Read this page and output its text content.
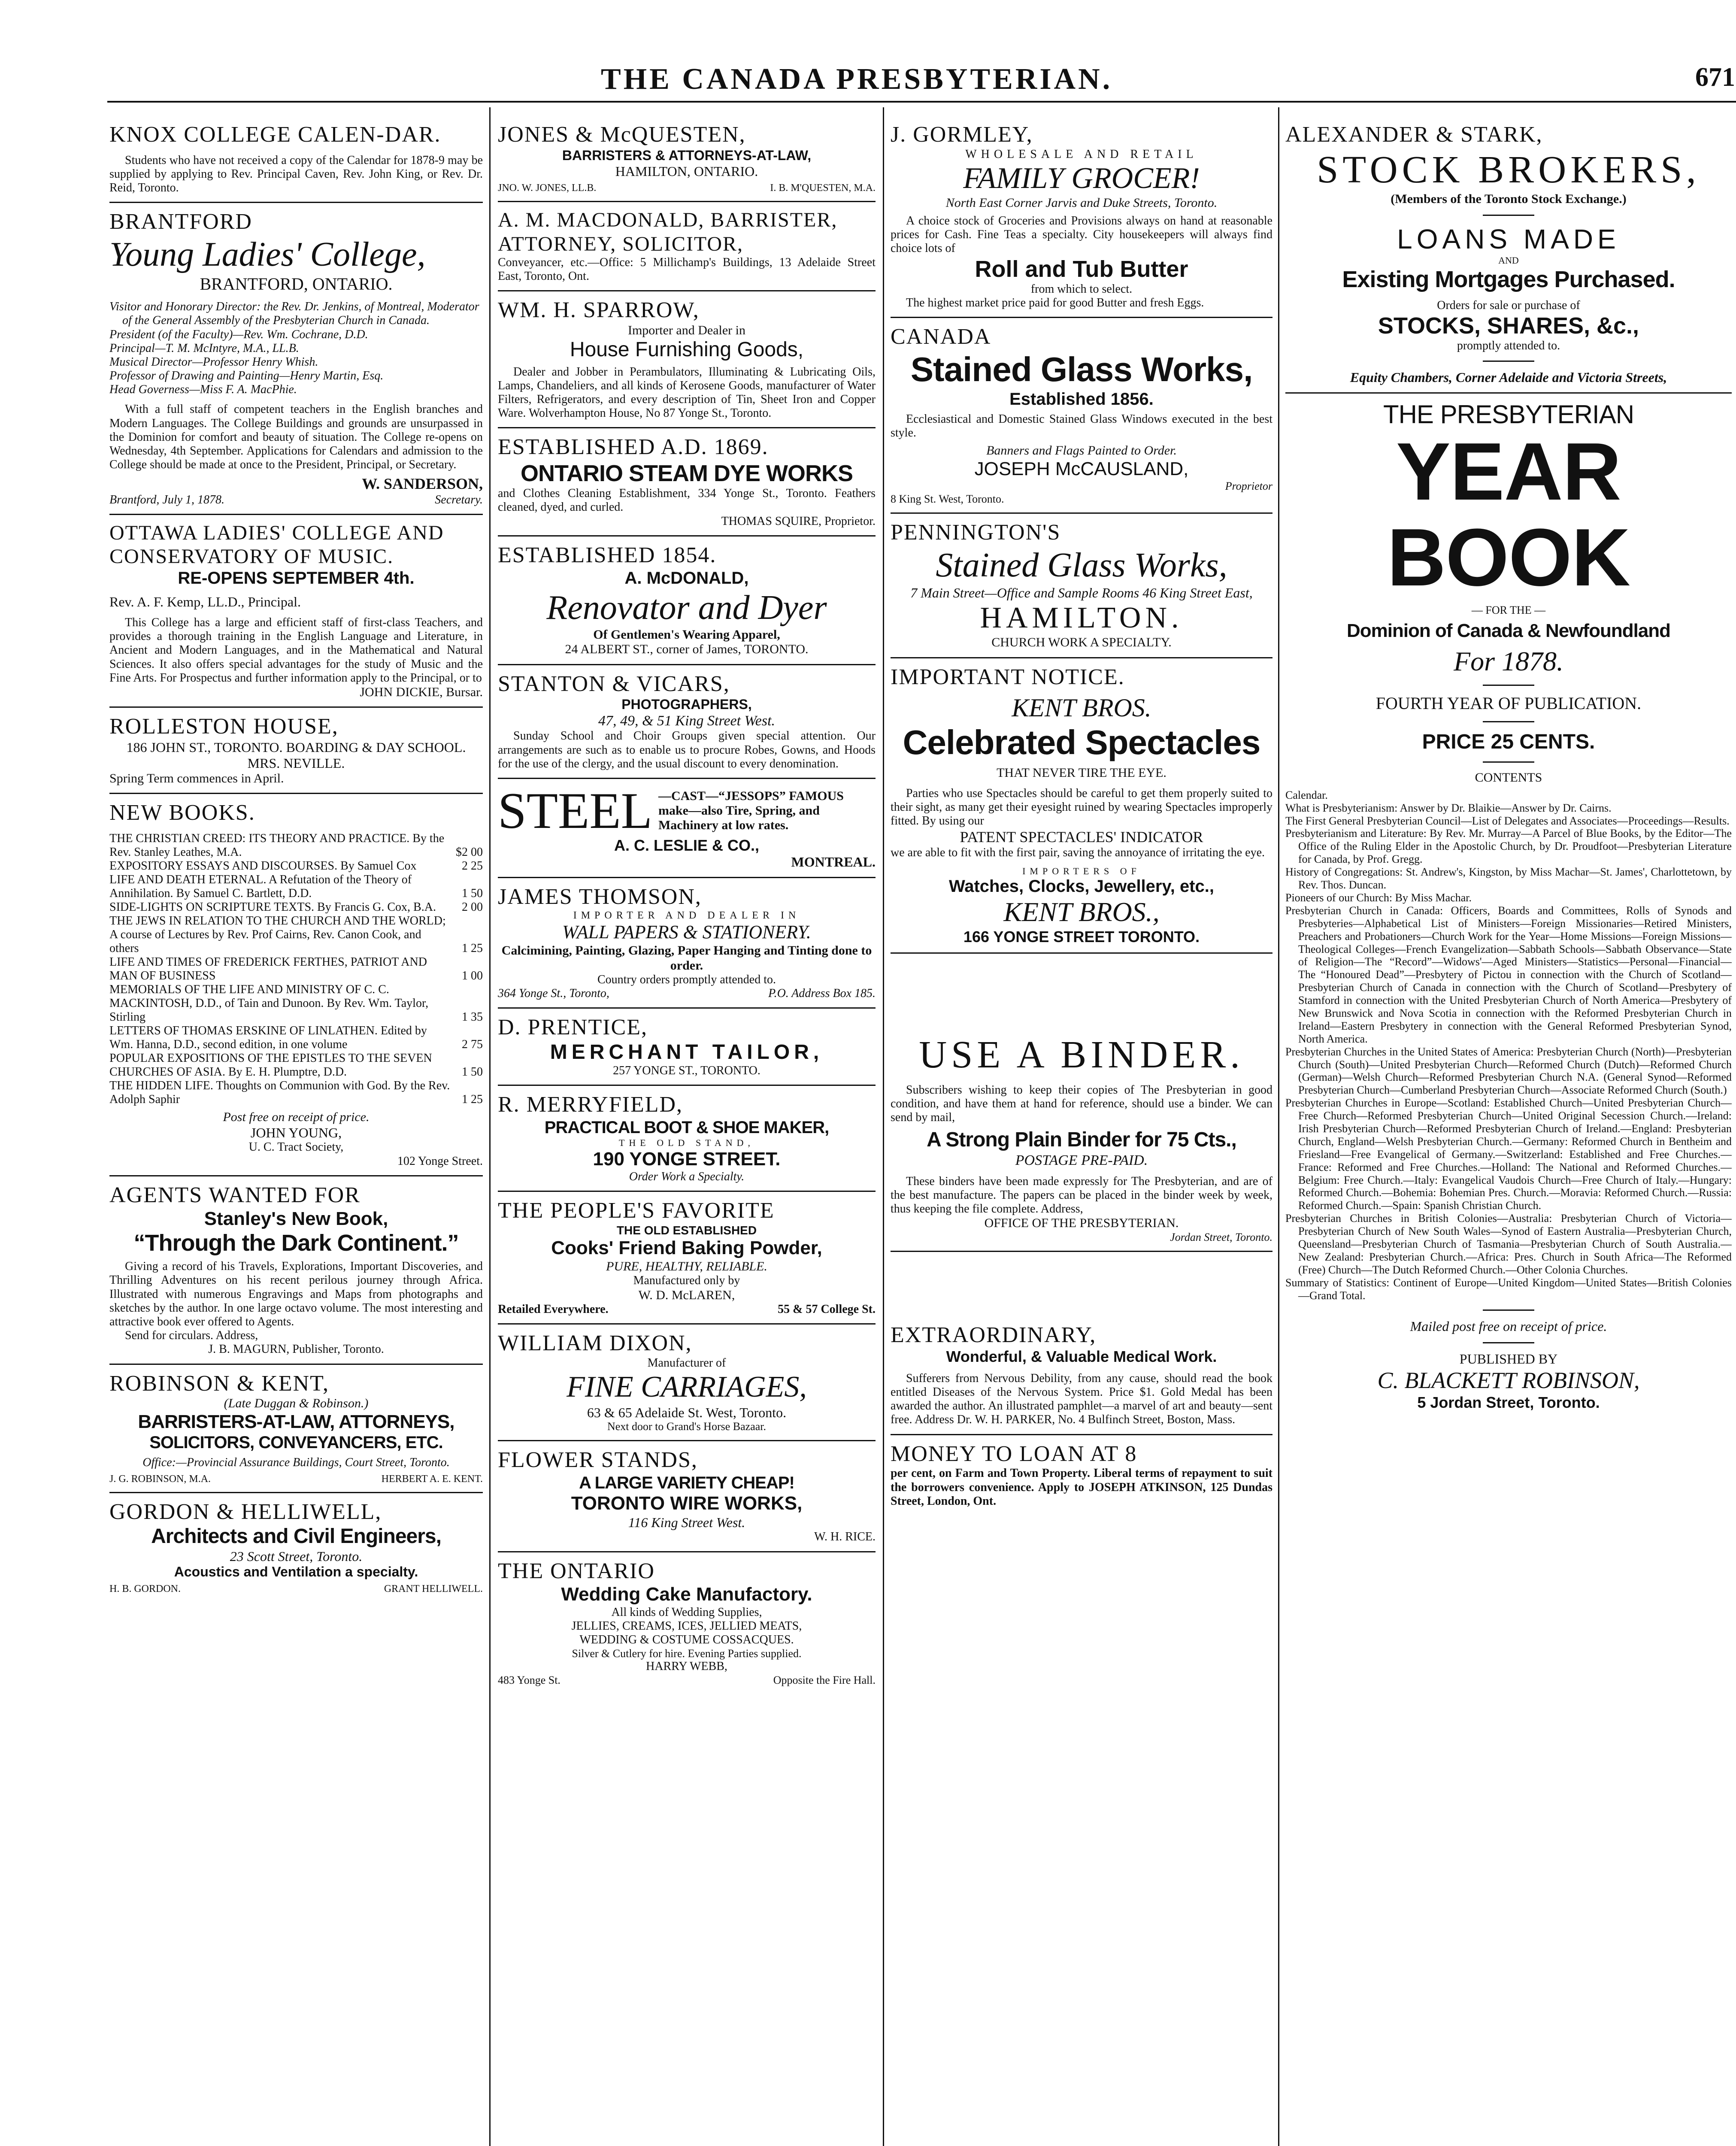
THE CANADA PRESBYTERIAN.	671

KNOX COLLEGE CALEN-DAR.

Students who have not received a copy of the Calendar for 1878-9 may be supplied by applying to Rev. Principal Caven, Rev. John King, or Rev. Dr. Reid, Toronto.

BRANTFORD

Young Ladies' College,

BRANTFORD, ONTARIO.

Visitor and Honorary Director: the Rev. Dr. Jenkins, of Montreal, Moderator of the General Assembly of the Presbyterian Church in Canada.

President (of the Faculty)—Rev. Wm. Cochrane, D.D.

Principal—T. M. McIntyre, M.A., LL.B.

Musical Director—Professor Henry Whish.

Professor of Drawing and Painting—Henry Martin, Esq.

Head Governess—Miss F. A. MacPhie.

With a full staff of competent teachers in the English branches and Modern Languages. The College Buildings and grounds are unsurpassed in the Dominion for comfort and beauty of situation. The College re-opens on Wednesday, 4th September. Applications for Calendars and admission to the College should be made at once to the President, Principal, or Secretary.

W. SANDERSON,

Brantford, July 1, 1878.	Secretary.

OTTAWA LADIES' COLLEGE AND CONSERVATORY OF MUSIC.

RE-OPENS SEPTEMBER 4th.

Rev. A. F. Kemp, LL.D., Principal.

This College has a large and efficient staff of first-class Teachers, and provides a thorough training in the English Language and Literature, in Ancient and Modern Languages, and in the Mathematical and Natural Sciences. It also offers special advantages for the study of Music and the Fine Arts. For Prospectus and further information apply to the Principal, or to

JOHN DICKIE, Bursar.

ROLLESTON HOUSE,

186 JOHN ST., TORONTO. BOARDING & DAY SCHOOL. MRS. NEVILLE.

Spring Term commences in April.

NEW BOOKS.

THE CHRISTIAN CREED: ITS THEORY AND PRACTICE. By the Rev. Stanley Leathes, M.A.	$2 00
EXPOSITORY ESSAYS AND DISCOURSES. By Samuel Cox	2 25
LIFE AND DEATH ETERNAL. A Refutation of the Theory of Annihilation. By Samuel C. Bartlett, D.D.	1 50
SIDE-LIGHTS ON SCRIPTURE TEXTS. By Francis G. Cox, B.A.	2 00
THE JEWS IN RELATION TO THE CHURCH AND THE WORLD; A course of Lectures by Rev. Prof Cairns, Rev. Canon Cook, and others	1 25
LIFE AND TIMES OF FREDERICK FERTHES, PATRIOT AND MAN OF BUSINESS	1 00
MEMORIALS OF THE LIFE AND MINISTRY OF C. C. MACKINTOSH, D.D., of Tain and Dunoon. By Rev. Wm. Taylor, Stirling	1 35
LETTERS OF THOMAS ERSKINE OF LINLATHEN. Edited by Wm. Hanna, D.D., second edition, in one volume	2 75
POPULAR EXPOSITIONS OF THE EPISTLES TO THE SEVEN CHURCHES OF ASIA. By E. H. Plumptre, D.D.	1 50
THE HIDDEN LIFE. Thoughts on Communion with God. By the Rev. Adolph Saphir	1 25

Post free on receipt of price.

JOHN YOUNG,

U. C. Tract Society,

102 Yonge Street.

AGENTS WANTED FOR

Stanley's New Book,

“Through the Dark Continent.”

Giving a record of his Travels, Explorations, Important Discoveries, and Thrilling Adventures on his recent perilous journey through Africa. Illustrated with numerous Engravings and Maps from photographs and sketches by the author. In one large octavo volume. The most interesting and attractive book ever offered to Agents.

Send for circulars. Address,

J. B. MAGURN, Publisher, Toronto.

ROBINSON & KENT,

(Late Duggan & Robinson.)

BARRISTERS-AT-LAW, ATTORNEYS,

SOLICITORS, CONVEYANCERS, ETC.

Office:—Provincial Assurance Buildings, Court Street, Toronto.

J. G. ROBINSON, M.A.	HERBERT A. E. KENT.

GORDON & HELLIWELL,

Architects and Civil Engineers,

23 Scott Street, Toronto.

Acoustics and Ventilation a specialty.

H. B. GORDON.	GRANT HELLIWELL.

JONES & McQUESTEN,

BARRISTERS & ATTORNEYS-AT-LAW,

HAMILTON, ONTARIO.

JNO. W. JONES, LL.B.	I. B. M'QUESTEN, M.A.

A. M. MACDONALD, BARRISTER, ATTORNEY, SOLICITOR,

Conveyancer, etc.—Office: 5 Millichamp's Buildings, 13 Adelaide Street East, Toronto, Ont.

WM. H. SPARROW,

Importer and Dealer in

House Furnishing Goods,

Dealer and Jobber in Perambulators, Illuminating & Lubricating Oils, Lamps, Chandeliers, and all kinds of Kerosene Goods, manufacturer of Water Filters, Refrigerators, and every description of Tin, Sheet Iron and Copper Ware. Wolverhampton House, No 87 Yonge St., Toronto.

ESTABLISHED A.D. 1869.

ONTARIO STEAM DYE WORKS

and Clothes Cleaning Establishment, 334 Yonge St., Toronto. Feathers cleaned, dyed, and curled.

THOMAS SQUIRE, Proprietor.

ESTABLISHED 1854.

A. McDONALD,

Renovator and Dyer

Of Gentlemen's Wearing Apparel,

24 ALBERT ST., corner of James, TORONTO.

STANTON & VICARS,

PHOTOGRAPHERS,

47, 49, & 51 King Street West.

Sunday School and Choir Groups given special attention. Our arrangements are such as to enable us to procure Robes, Gowns, and Hoods for the use of the clergy, and the usual discount to every denomination.

STEEL —CAST—“JESSOPS” FAMOUS make—also Tire, Spring, and Machinery at low rates.

A. C. LESLIE & CO.,

MONTREAL.

JAMES THOMSON,

IMPORTER AND DEALER IN

WALL PAPERS & STATIONERY.

Calcimining, Painting, Glazing, Paper Hanging and Tinting done to order.

Country orders promptly attended to.

364 Yonge St., Toronto,	P.O. Address Box 185.

D. PRENTICE,

MERCHANT TAILOR,

257 YONGE ST., TORONTO.

R. MERRYFIELD,

PRACTICAL BOOT & SHOE MAKER,

THE OLD STAND,

190 YONGE STREET.

Order Work a Specialty.

THE PEOPLE'S FAVORITE

THE OLD ESTABLISHED

Cooks' Friend Baking Powder,

PURE, HEALTHY, RELIABLE.

Manufactured only by

W. D. McLAREN,

Retailed Everywhere.	55 & 57 College St.

WILLIAM DIXON,

Manufacturer of

FINE CARRIAGES,

63 & 65 Adelaide St. West, Toronto.

Next door to Grand's Horse Bazaar.

FLOWER STANDS,

A LARGE VARIETY CHEAP!

TORONTO WIRE WORKS,

116 King Street West.

W. H. RICE.

THE ONTARIO

Wedding Cake Manufactory.

All kinds of Wedding Supplies,

JELLIES, CREAMS, ICES, JELLIED MEATS,

WEDDING & COSTUME COSSACQUES.

Silver & Cutlery for hire. Evening Parties supplied.

HARRY WEBB,

483 Yonge St.	Opposite the Fire Hall.

J. GORMLEY,

WHOLESALE AND RETAIL

FAMILY GROCER!

North East Corner Jarvis and Duke Streets, Toronto.

A choice stock of Groceries and Provisions always on hand at reasonable prices for Cash. Fine Teas a specialty. City housekeepers will always find choice lots of

Roll and Tub Butter

from which to select.

The highest market price paid for good Butter and fresh Eggs.

CANADA

Stained Glass Works,

Established 1856.

Ecclesiastical and Domestic Stained Glass Windows executed in the best style.

Banners and Flags Painted to Order.

JOSEPH McCAUSLAND,

Proprietor

8 King St. West, Toronto.

PENNINGTON'S

Stained Glass Works,

7 Main Street—Office and Sample Rooms 46 King Street East,

HAMILTON.

CHURCH WORK A SPECIALTY.

IMPORTANT NOTICE.

KENT BROS.

Celebrated Spectacles

THAT NEVER TIRE THE EYE.

Parties who use Spectacles should be careful to get them properly suited to their sight, as many get their eyesight ruined by wearing Spectacles improperly fitted. By using our

PATENT SPECTACLES' INDICATOR

we are able to fit with the first pair, saving the annoyance of irritating the eye.

IMPORTERS OF

Watches, Clocks, Jewellery, etc.,

KENT BROS.,

166 YONGE STREET TORONTO.

USE A BINDER.

Subscribers wishing to keep their copies of The Presbyterian in good condition, and have them at hand for reference, should use a binder. We can send by mail,

A Strong Plain Binder for 75 Cts.,

POSTAGE PRE-PAID.

These binders have been made expressly for The Presbyterian, and are of the best manufacture. The papers can be placed in the binder week by week, thus keeping the file complete. Address,

OFFICE OF THE PRESBYTERIAN.

Jordan Street, Toronto.

EXTRAORDINARY,

Wonderful, & Valuable Medical Work.

Sufferers from Nervous Debility, from any cause, should read the book entitled Diseases of the Nervous System. Price $1. Gold Medal has been awarded the author. An illustrated pamphlet—a marvel of art and beauty—sent free. Address Dr. W. H. PARKER, No. 4 Bulfinch Street, Boston, Mass.

MONEY TO LOAN AT 8

per cent, on Farm and Town Property. Liberal terms of repayment to suit the borrowers convenience. Apply to JOSEPH ATKINSON, 125 Dundas Street, London, Ont.

ALEXANDER & STARK,

STOCK BROKERS,

(Members of the Toronto Stock Exchange.)

LOANS MADE

AND

Existing Mortgages Purchased.

Orders for sale or purchase of

STOCKS, SHARES, &c.,

promptly attended to.

Equity Chambers, Corner Adelaide and Victoria Streets,

THE PRESBYTERIAN

YEAR BOOK

— FOR THE —

Dominion of Canada & Newfoundland

For 1878.

FOURTH YEAR OF PUBLICATION.

PRICE 25 CENTS.

CONTENTS

Calendar.

What is Presbyterianism: Answer by Dr. Blaikie—Answer by Dr. Cairns.

The First General Presbyterian Council—List of Delegates and Associates—Proceedings—Results.

Presbyterianism and Literature: By Rev. Mr. Murray—A Parcel of Blue Books, by the Editor—The Office of the Ruling Elder in the Apostolic Church, by Dr. Proudfoot—Presbyterian Literature for Canada, by Prof. Gregg.

History of Congregations: St. Andrew's, Kingston, by Miss Machar—St. James', Charlottetown, by Rev. Thos. Duncan.

Pioneers of our Church: By Miss Machar.

Presbyterian Church in Canada: Officers, Boards and Committees, Rolls of Synods and Presbyteries—Alphabetical List of Ministers—Foreign Missionaries—Retired Ministers, Preachers and Probationers—Church Work for the Year—Home Missions—Foreign Missions—Theological Colleges—French Evangelization—Sabbath Schools—Sabbath Observance—State of Religion—The “Record”—Widows'—Aged Ministers—Statistics—Personal—Financial—The “Honoured Dead”—Presbytery of Pictou in connection with the Church of Scotland—Presbyterian Church of Canada in connection with the Church of Scotland—Presbytery of Stamford in connection with the United Presbyterian Church of North America—Presbytery of New Brunswick and Nova Scotia in connection with the Reformed Presbyterian Church in Ireland—Eastern Presbytery in connection with the General Reformed Presbyterian Synod, North America.

Presbyterian Churches in the United States of America: Presbyterian Church (North)—Presbyterian Church (South)—United Presbyterian Church—Reformed Church (Dutch)—Reformed Church (German)—Welsh Church—Reformed Presbyterian Church N.A. (General Synod—Reformed Presbyterian Church—Cumberland Presbyterian Church—Associate Reformed Church (South.)

Presbyterian Churches in Europe—Scotland: Established Church—United Presbyterian Church—Free Church—Reformed Presbyterian Church—United Original Secession Church.—Ireland: Irish Presbyterian Church—Reformed Presbyterian Church of Ireland.—England: Presbyterian Church, England—Welsh Presbyterian Church.—Germany: Reformed Church in Bentheim and Friesland—Free Evangelical of Germany.—Switzerland: Established and Free Churches.—France: Reformed and Free Churches.—Holland: The National and Reformed Churches.—Belgium: Free Church.—Italy: Evangelical Vaudois Church—Free Church of Italy.—Hungary: Reformed Church.—Bohemia: Bohemian Pres. Church.—Moravia: Reformed Church.—Russia: Reformed Church.—Spain: Spanish Christian Church.

Presbyterian Churches in British Colonies—Australia: Presbyterian Church of Victoria—Presbyterian Church of New South Wales—Synod of Eastern Australia—Presbyterian Church, Queensland—Presbyterian Church of Tasmania—Presbyterian Church of South Australia.—New Zealand: Presbyterian Church.—Africa: Pres. Church in South Africa—The Reformed (Free) Church—The Dutch Reformed Church.—Other Colonia Churches.

Summary of Statistics: Continent of Europe—United Kingdom—United States—British Colonies—Grand Total.

Mailed post free on receipt of price.

PUBLISHED BY

C. BLACKETT ROBINSON,

5 Jordan Street, Toronto.
